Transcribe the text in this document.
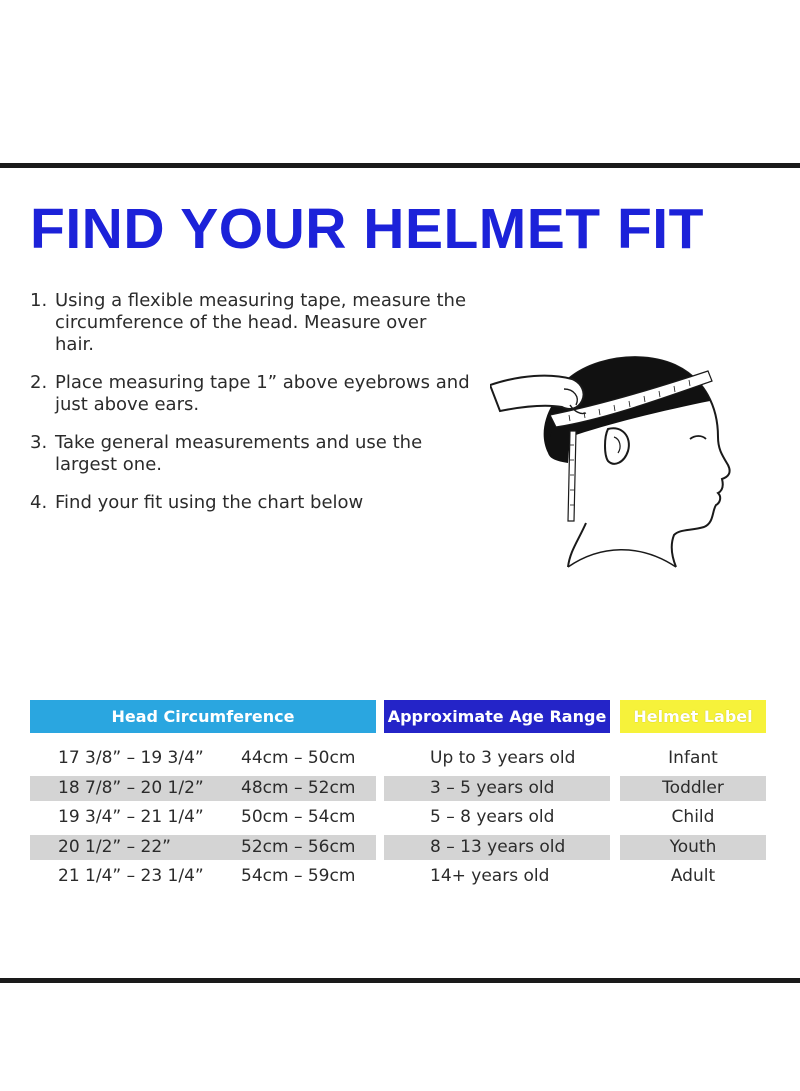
FIND YOUR HELMET FIT
1. Using a flexible measuring tape, measure the circumference of the head. Measure over hair.
2. Place measuring tape 1” above eyebrows and just above ears.
3. Take general measurements and use the largest one.
4. Find your fit using the chart below
Head Circumference	Approximate Age Range	Helmet Label
17 3/8” – 19 3/4” 44cm – 50cm	Up to 3 years old	Infant
18 7/8” – 20 1/2” 48cm – 52cm	3 – 5 years old	Toddler
19 3/4” – 21 1/4” 50cm – 54cm	5 – 8 years old	Child
20 1/2” – 22”	52cm – 56cm	8 – 13 years old	Youth
21 1/4” – 23 1/4” 54cm – 59cm	14+ years old	Adult
